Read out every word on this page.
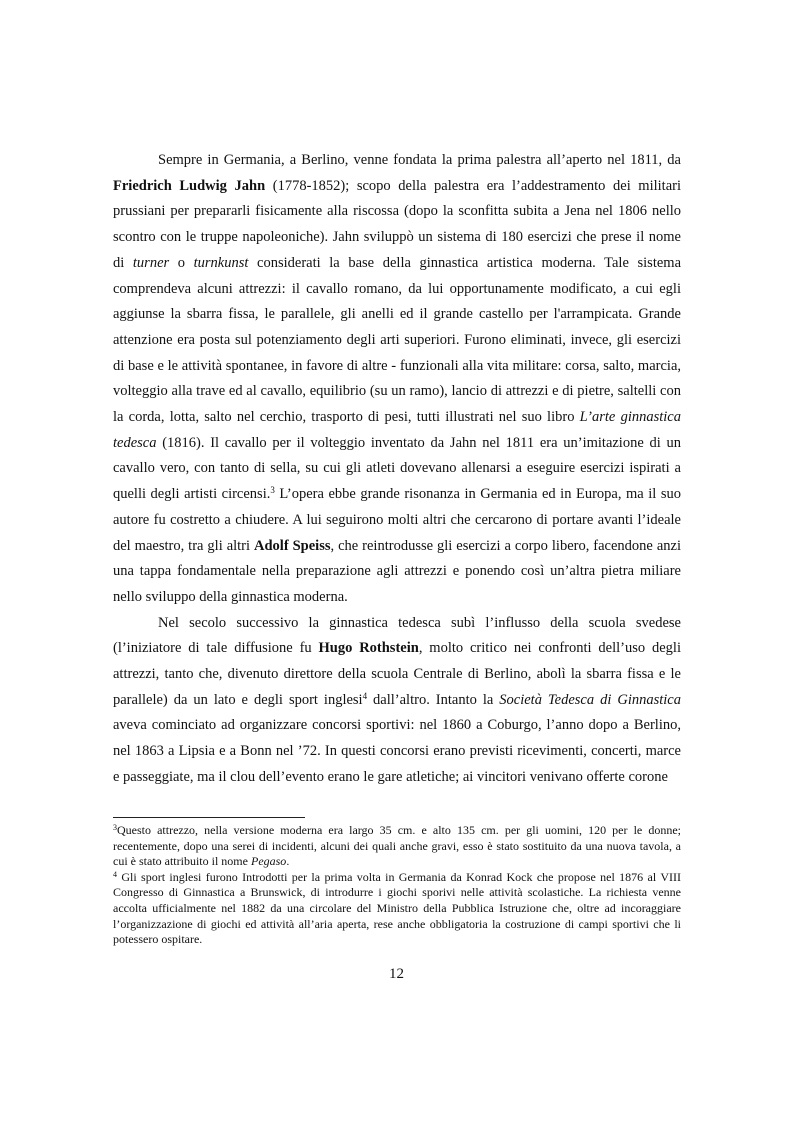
Sempre in Germania, a Berlino, venne fondata la prima palestra all’aperto nel 1811, da Friedrich Ludwig Jahn (1778-1852); scopo della palestra era l’addestramento dei militari prussiani per prepararli fisicamente alla riscossa (dopo la sconfitta subita a Jena nel 1806 nello scontro con le truppe napoleoniche). Jahn sviluppò un sistema di 180 esercizi che prese il nome di turner o turnkunst considerati la base della ginnastica artistica moderna. Tale sistema comprendeva alcuni attrezzi: il cavallo romano, da lui opportunamente modificato, a cui egli aggiunse la sbarra fissa, le parallele, gli anelli ed il grande castello per l'arrampicata. Grande attenzione era posta sul potenziamento degli arti superiori. Furono eliminati, invece, gli esercizi di base e le attività spontanee, in favore di altre - funzionali alla vita militare: corsa, salto, marcia, volteggio alla trave ed al cavallo, equilibrio (su un ramo), lancio di attrezzi e di pietre, saltelli con la corda, lotta, salto nel cerchio, trasporto di pesi, tutti illustrati nel suo libro L’arte ginnastica tedesca (1816). Il cavallo per il volteggio inventato da Jahn nel 1811 era un’imitazione di un cavallo vero, con tanto di sella, su cui gli atleti dovevano allenarsi a eseguire esercizi ispirati a quelli degli artisti circensi.$^3$ L’opera ebbe grande risonanza in Germania ed in Europa, ma il suo autore fu costretto a chiudere. A lui seguirono molti altri che cercarono di portare avanti l’ideale del maestro, tra gli altri Adolf Speiss, che reintrodusse gli esercizi a corpo libero, facendone anzi una tappa fondamentale nella preparazione agli attrezzi e ponendo così un’altra pietra miliare nello sviluppo della ginnastica moderna.

Nel secolo successivo la ginnastica tedesca subì l’influsso della scuola svedese (l’iniziatore di tale diffusione fu Hugo Rothstein, molto critico nei confronti dell’uso degli attrezzi, tanto che, divenuto direttore della scuola Centrale di Berlino, abolì la sbarra fissa e le parallele) da un lato e degli sport inglesi$^4$ dall’altro. Intanto la Società Tedesca di Ginnastica aveva cominciato ad organizzare concorsi sportivi: nel 1860 a Coburgo, l’anno dopo a Berlino, nel 1863 a Lipsia e a Bonn nel ’72. In questi concorsi erano previsti ricevimenti, concerti, marce e passeggiate, ma il clou dell’evento erano le gare atletiche; ai vincitori venivano offerte corone

$^3$Questo attrezzo, nella versione moderna era largo 35 cm. e alto 135 cm. per gli uomini, 120 per le donne; recentemente, dopo una serei di incidenti, alcuni dei quali anche gravi, esso è stato sostituito da una nuova tavola, a cui è stato attribuito il nome Pegaso.

$^4$ Gli sport inglesi furono Introdotti per la prima volta in Germania da Konrad Kock che propose nel 1876 al VIII Congresso di Ginnastica a Brunswick, di introdurre i giochi sporivi nelle attività scolastiche. La richiesta venne accolta ufficialmente nel 1882 da una circolare del Ministro della Pubblica Istruzione che, oltre ad incoraggiare l’organizzazione di giochi ed attività all’aria aperta, rese anche obbligatoria la costruzione di campi sportivi che li potessero ospitare.

12
